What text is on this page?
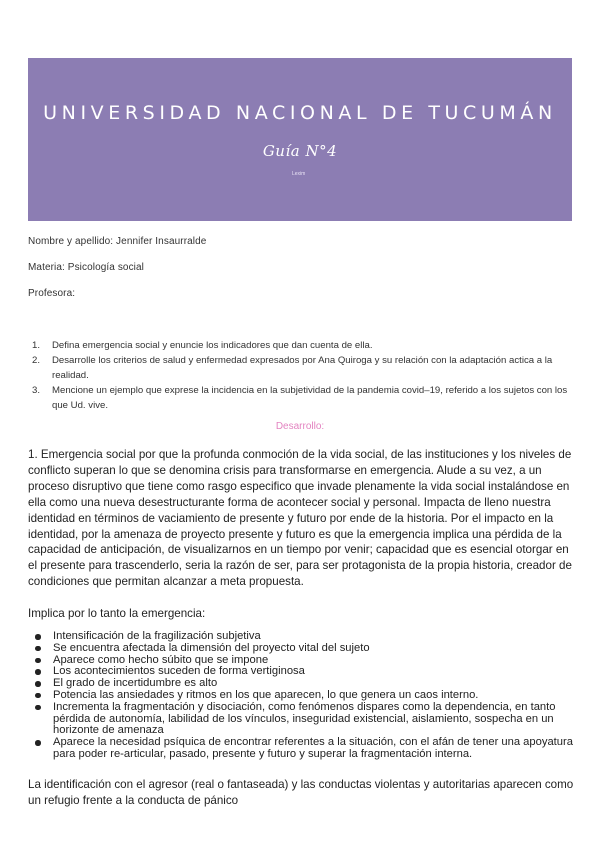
UNIVERSIDAD NACIONAL DE TUCUMÁN
Guía N°4
Lexim
Nombre y apellido: Jennifer Insaurralde
Materia: Psicología social
Profesora:
1. Defina emergencia social y enuncie los indicadores que dan cuenta de ella.
2. Desarrolle los criterios de salud y enfermedad expresados por Ana Quiroga y su relación con la adaptación actica a la realidad.
3. Mencione un ejemplo que exprese la incidencia en la subjetividad de la pandemia covid–19, referido a los sujetos con los que Ud. vive.
Desarrollo:

1. Emergencia social por que la profunda conmoción de la vida social, de las instituciones y los niveles de conflicto superan lo que se denomina crisis para transformarse en emergencia. Alude a su vez, a un proceso disruptivo que tiene como rasgo especifico que invade plenamente la vida social instalándose en ella como una nueva desestructurante forma de acontecer social y personal. Impacta de lleno nuestra identidad en términos de vaciamiento de presente y futuro por ende de la historia. Por el impacto en la identidad, por la amenaza de proyecto presente y futuro es que la emergencia implica una pérdida de la capacidad de anticipación, de visualizarnos en un tiempo por venir; capacidad que es esencial otorgar en el presente para trascenderlo, seria la razón de ser, para ser protagonista de la propia historia, creador de condiciones que permitan alcanzar a meta propuesta.

Implica por lo tanto la emergencia:

Intensificación de la fragilización subjetiva
Se encuentra afectada la dimensión del proyecto vital del sujeto
Aparece como hecho súbito que se impone
Los acontecimientos suceden de forma vertiginosa
El grado de incertidumbre es alto
Potencia las ansiedades y ritmos en los que aparecen, lo que genera un caos interno.
Incrementa la fragmentación y disociación, como fenómenos dispares como la dependencia, en tanto pérdida de autonomía, labilidad de los vínculos, inseguridad existencial, aislamiento, sospecha en un horizonte de amenaza
Aparece la necesidad psíquica de encontrar referentes a la situación, con el afán de tener una apoyatura para poder re-articular, pasado, presente y futuro y superar la fragmentación interna.

La identificación con el agresor (real o fantaseada) y las conductas violentas y autoritarias aparecen como un refugio frente a la conducta de pánico
